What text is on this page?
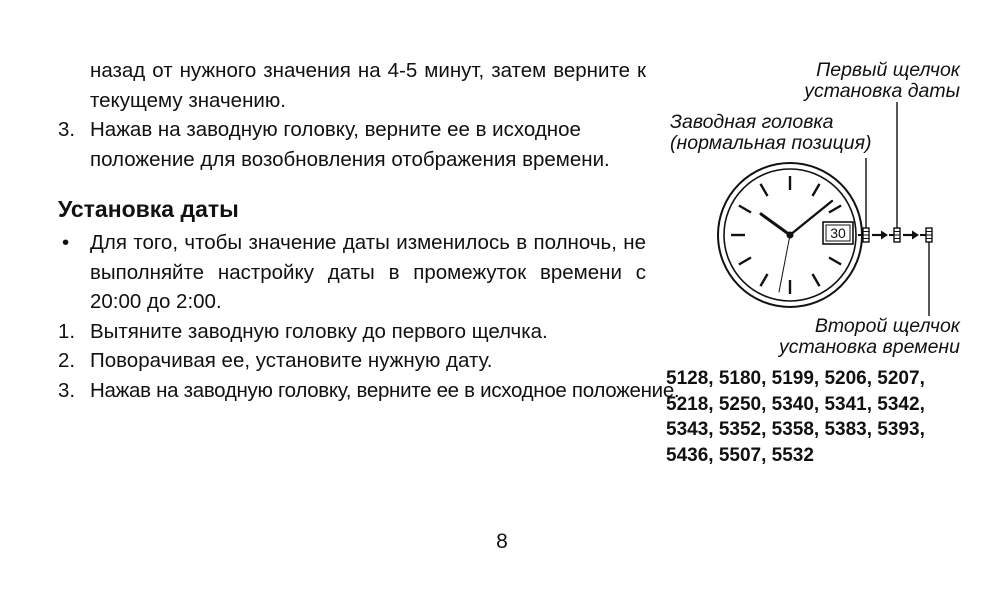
назад от нужного значения на 4-5 минут, затем верните к текущему значению.

3. Нажав на заводную головку, верните ее в исходное положение для возобновления отображения времени.
Установка даты
•	Для того, чтобы значение даты изменилось в полночь, не выполняйте настройку даты в промежуток времени с 20:00 до 2:00.
1. Вытяните заводную головку до первого щелчка.
2. Поворачивая ее, установите нужную дату.
3. Нажав на заводную головку, верните ее в исходное положение.
Первый щелчок
установка даты
Заводная головка
(нормальная позиция)
Второй щелчок
установка времени
30
5128, 5180, 5199, 5206, 5207,
5218, 5250, 5340, 5341, 5342,
5343, 5352, 5358, 5383, 5393,
5436, 5507, 5532
8
